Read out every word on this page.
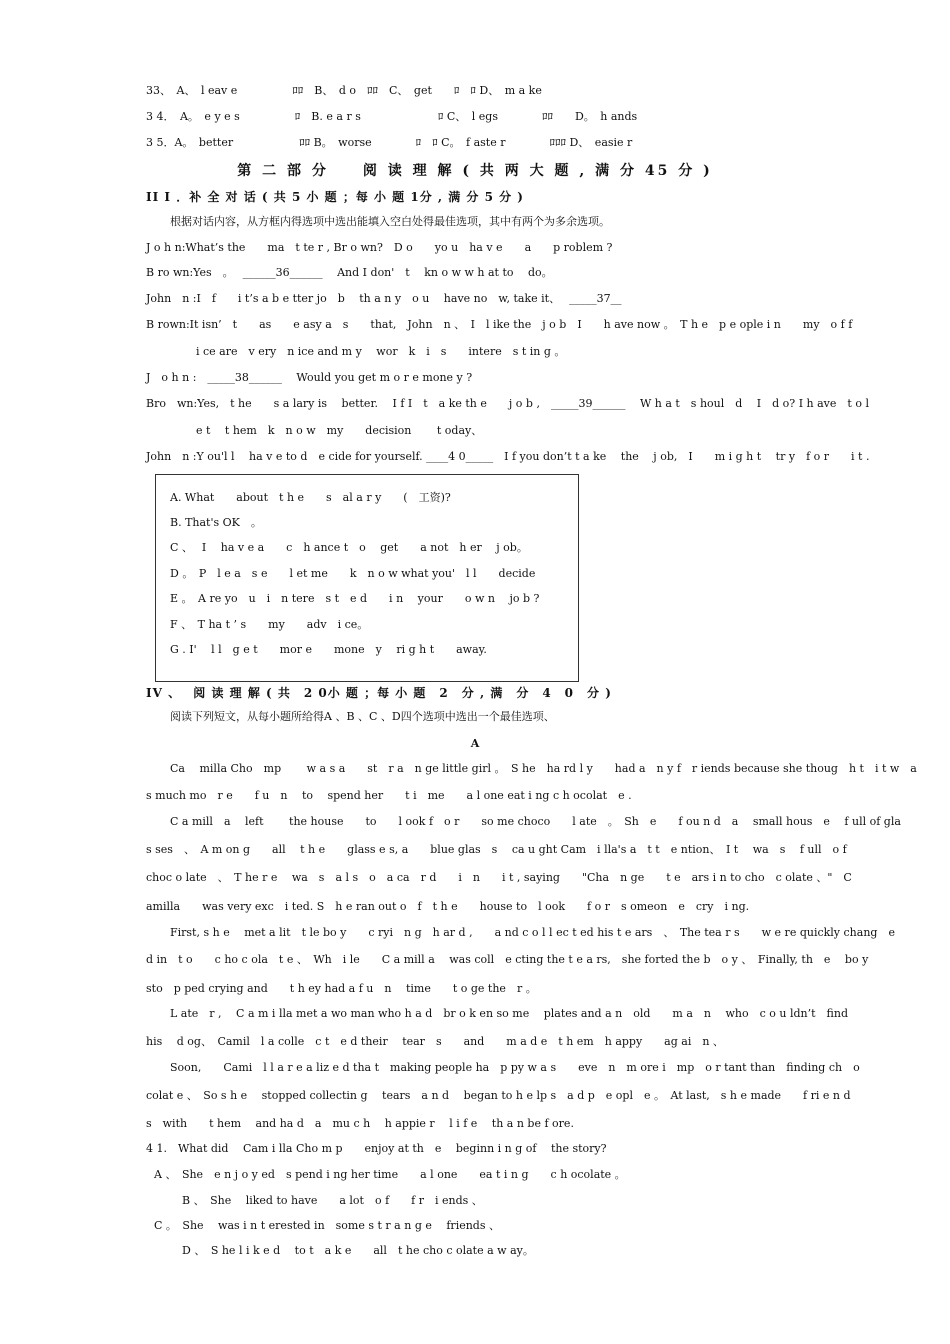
33、　A、　l eav e　　　　　ﾛﾛ　B、　d o　ﾛﾛ　C、　get　　ﾛ　ﾛ D、　m a ke
3 4．　A。　e y e s　　　　　ﾛ　B. e a r s　　　　　　　ﾛ C、　l egs　　　　ﾛﾛ　　D。　h ands
3 5．A。　better　　　　　　ﾛﾛ B。　worse　　　　ﾛ　ﾛ C。　f aste r　　　　ﾛﾛﾛ D、　easie r
第 二 部 分　　阅 读 理 解 ( 共 两 大 题 , 满 分 45 分 )
II Ⅰ ．补 全 对 话 ( 共 5 小 题 ；每 小 题 1分 , 满 分 5 分 )
根据对话内容，从方框内得选项中选出能填入空白处得最佳选项，其中有两个为多余选项。
J o h n:What’s the　　ma　t te r , Br o wn?　D o　　yo u　ha v e　　a　　p roblem ?
B ro wn:Yes　。　 ______36______ 　And I don'　t　 kn o w w h at to　 do。
John　n :I　f　　i t’s a b e tter jo　b　 th a n y　o u　 have no　w, take it、　 _____37__
B rown:It isn’　t　　as　　e asy a　s　　that,　John　n 、　I　l ike the　j o b　I　　h ave now 。　T h e　p e ople i n　　my　o f f
i ce are　v ery　n ice and m y　 wor　k　i　s　　intere　s t in g 。
J　o h n :　_____38______　 Would you get m o r e mone y ?
Bro　wn:Yes,　t he　　s a lary is　 better.　 I f I　t　a ke th e　　j o b ,　_____39______　 W h a t　s houl　d　 I　d o? I h ave　t o l
e t　 t hem　k　n o w　my　　decision　　 t oday、
John　n :Y ou'l l　 ha v e to d　e cide for yourself. ____4 0_____　I f you don’t t a ke　 the　 j ob,　I　　m i g h t　 tr y　f o r　　i t .
A. What　　about　t h e　　s　al a r y　　(　工资)?
B. That's OK　。
C 、　 I　 ha v e a　　c　h ance t　o　 get　　a not　h er　 j ob。
D 。　P　l e a　s e　　l et me　　k　n o w what you'　l l　　decide
E 。　A re yo　u　i　n tere　s t　e d　　i n　 your　　o w n　 jo b ?
F 、　T ha t ’ s　　my　　adv　i ce。
G . I'　 l l　g e t　　mor e　　mone　y　 ri g h t　　away.
IV 、　 阅 读 理 解 ( 共　2 0小 题 ；每 小 题　2　分 , 满　分　4　0　分 )
阅读下列短文，从每小题所给得A 、B 、C 、D四个选项中选出一个最佳选项、
A
Ca　 milla Cho　mp　　 w a s a　　st　r a　n ge little girl 。　S he　ha rd l y　　had a　n y f　r iends because she thoug　h t　i t w　a
s much mo　r e　　f u　n　 to　 spend her　　t i　me　　a l one eat i ng c h ocolat　e .
C a mill　a　 left　 　the house　　to　　l ook f　o r　　so me choco　　l ate　。　Sh　e　　f ou n d　a　 small hous　e　 f ull of gla
s ses　、　A m on g　　all　 t h e　　glass e s, a　　blue glas　s　 ca u ght Cam　i lla's a　t t　e ntion、　I t　 wa　s　 f ull　o f
choc o late　、　T he r e　 wa　s　a l s　o　a ca　r d　　i　n　　i t , saying　　"Cha　n ge　　t e　ars i n to cho　c olate 、"　C
amilla　　was very exc　i ted. S　h e ran out o　f　t h e　　house to　l ook　　f o r　s omeon　e　cry　i ng.
First, s h e　 met a lit　t le bo y　　c ryi　n g　h ar d ,　　a nd c o l l ec t ed his t e ars　、　The tea r s　　w e re quickly chang　e
d in　t o　　c ho c ola　t e 、　Wh　i le　　C a mill a　 was coll　e cting the t e a rs,　she forted the b　o y 、　Finally, th　e　 bo y
sto　p ped crying and　　t h ey had a f u　n　 time　　t o ge the　r 。
L ate　r ,　 C a m i lla met a wo man who h a d　br o k en so me　 plates and a n　old　　m a　n　 who　c o u ldn’t　find
his　 d og、　Camil　l a colle　c t　e d their　 tear　s　　and　　m a d e　t h em　h appy　　ag ai　n 、
Soon,　　Cami　l l a r e a liz e d tha t　making people ha　p py w a s　　eve　n　m ore i　mp　o r tant than　finding ch　o
colat e 、　So s h e　 stopped collectin g　 tears　a n d　 began to h e lp s　a d p　e opl　e 。　At last,　s h e made　　f ri e n d
s　with　　t hem　 and ha d　a　mu c h　 h appie r　 l i f e　 th a n be f ore.
4 1.　What did　 Cam i lla Cho m p　　enjoy at th　e　 beginn i n g of　 the story?
A 、　She　e n j o y ed　s pend i ng her time　　a l one　　ea t i n g　　c h ocolate 。
B 、　She　 liked to have　　a lot　o f　　f r　i ends 、
C 。　She　 was i n t erested in　some s t r a n g e　 friends 、
D 、　S he l i k e d　 to t　a k e　　all　t he cho c olate a w ay。
